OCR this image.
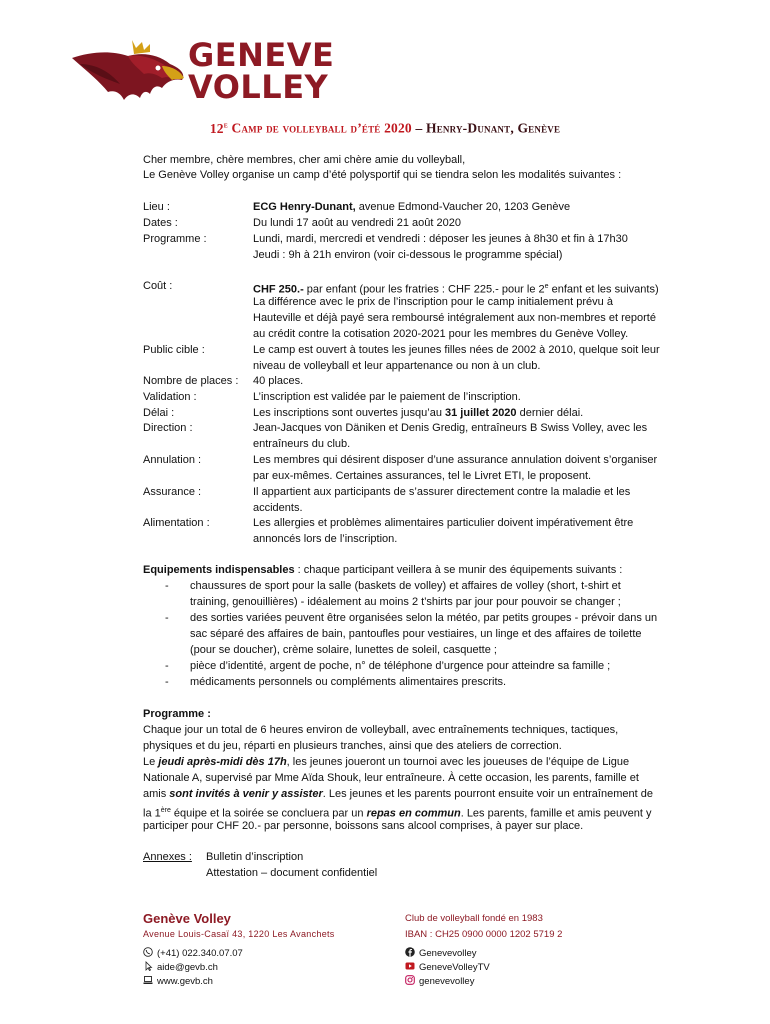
GENEVE
VOLLEY
12e Camp de volleyball d’été 2020 – Henry-Dunant, Genève
Cher membre, chère membres, cher ami chère amie du volleyball,
Le Genève Volley organise un camp d’été polysportif qui se tiendra selon les modalités suivantes :
Lieu :	ECG Henry-Dunant, avenue Edmond-Vaucher 20, 1203 Genève
Dates :	Du lundi 17 août au vendredi 21 août 2020
Programme :	Lundi, mardi, mercredi et vendredi : déposer les jeunes à 8h30 et fin à 17h30
Jeudi : 9h à 21h environ (voir ci-dessous le programme spécial)
Coût :	CHF 250.- par enfant (pour les fratries : CHF 225.- pour le 2e enfant et les suivants)
La différence avec le prix de l’inscription pour le camp initialement prévu à
Hauteville et déjà payé sera remboursé intégralement aux non-membres et reporté
au crédit contre la cotisation 2020-2021 pour les membres du Genève Volley.
Public cible :	Le camp est ouvert à toutes les jeunes filles nées de 2002 à 2010, quelque soit leur
niveau de volleyball et leur appartenance ou non à un club.
Nombre de places : 40 places.
Validation :	L’inscription est validée par le paiement de l’inscription.
Délai :	Les inscriptions sont ouvertes jusqu’au 31 juillet 2020 dernier délai.
Direction :	Jean-Jacques von Däniken et Denis Gredig, entraîneurs B Swiss Volley, avec les
entraîneurs du club.
Annulation :	Les membres qui désirent disposer d’une assurance annulation doivent s’organiser
par eux-mêmes. Certaines assurances, tel le Livret ETI, le proposent.
Assurance :	Il appartient aux participants de s’assurer directement contre la maladie et les
accidents.
Alimentation :	Les allergies et problèmes alimentaires particulier doivent impérativement être
annoncés lors de l’inscription.
Equipements indispensables : chaque participant veillera à se munir des équipements suivants :
- chaussures de sport pour la salle (baskets de volley) et affaires de volley (short, t-shirt et
training, genouillières) - idéalement au moins 2 t’shirts par jour pour pouvoir se changer ;
- des sorties variées peuvent être organisées selon la météo, par petits groupes - prévoir dans un
sac séparé des affaires de bain, pantoufles pour vestiaires, un linge et des affaires de toilette
(pour se doucher), crème solaire, lunettes de soleil, casquette ;
- pièce d’identité, argent de poche, n° de téléphone d’urgence pour atteindre sa famille ;
- médicaments personnels ou compléments alimentaires prescrits.
Programme :
Chaque jour un total de 6 heures environ de volleyball, avec entraînements techniques, tactiques,
physiques et du jeu, réparti en plusieurs tranches, ainsi que des ateliers de correction.
Le jeudi après-midi dès 17h, les jeunes joueront un tournoi avec les joueuses de l’équipe de Ligue
Nationale A, supervisé par Mme Aïda Shouk, leur entraîneure. À cette occasion, les parents, famille et
amis sont invités à venir y assister. Les jeunes et les parents pourront ensuite voir un entraînement de
la 1ère équipe et la soirée se concluera par un repas en commun. Les parents, famille et amis peuvent y
participer pour CHF 20.- par personne, boissons sans alcool comprises, à payer sur place.
Annexes : Bulletin d’inscription
Attestation – document confidentiel
Genève Volley
Avenue Louis-Casaï 43, 1220 Les Avanchets
(+41) 022.340.07.07
aide@gevb.ch
www.gevb.ch
Club de volleyball fondé en 1983
IBAN : CH25 0900 0000 1202 5719 2
Genevevolley
GeneveVolleyTV
genevevolley
